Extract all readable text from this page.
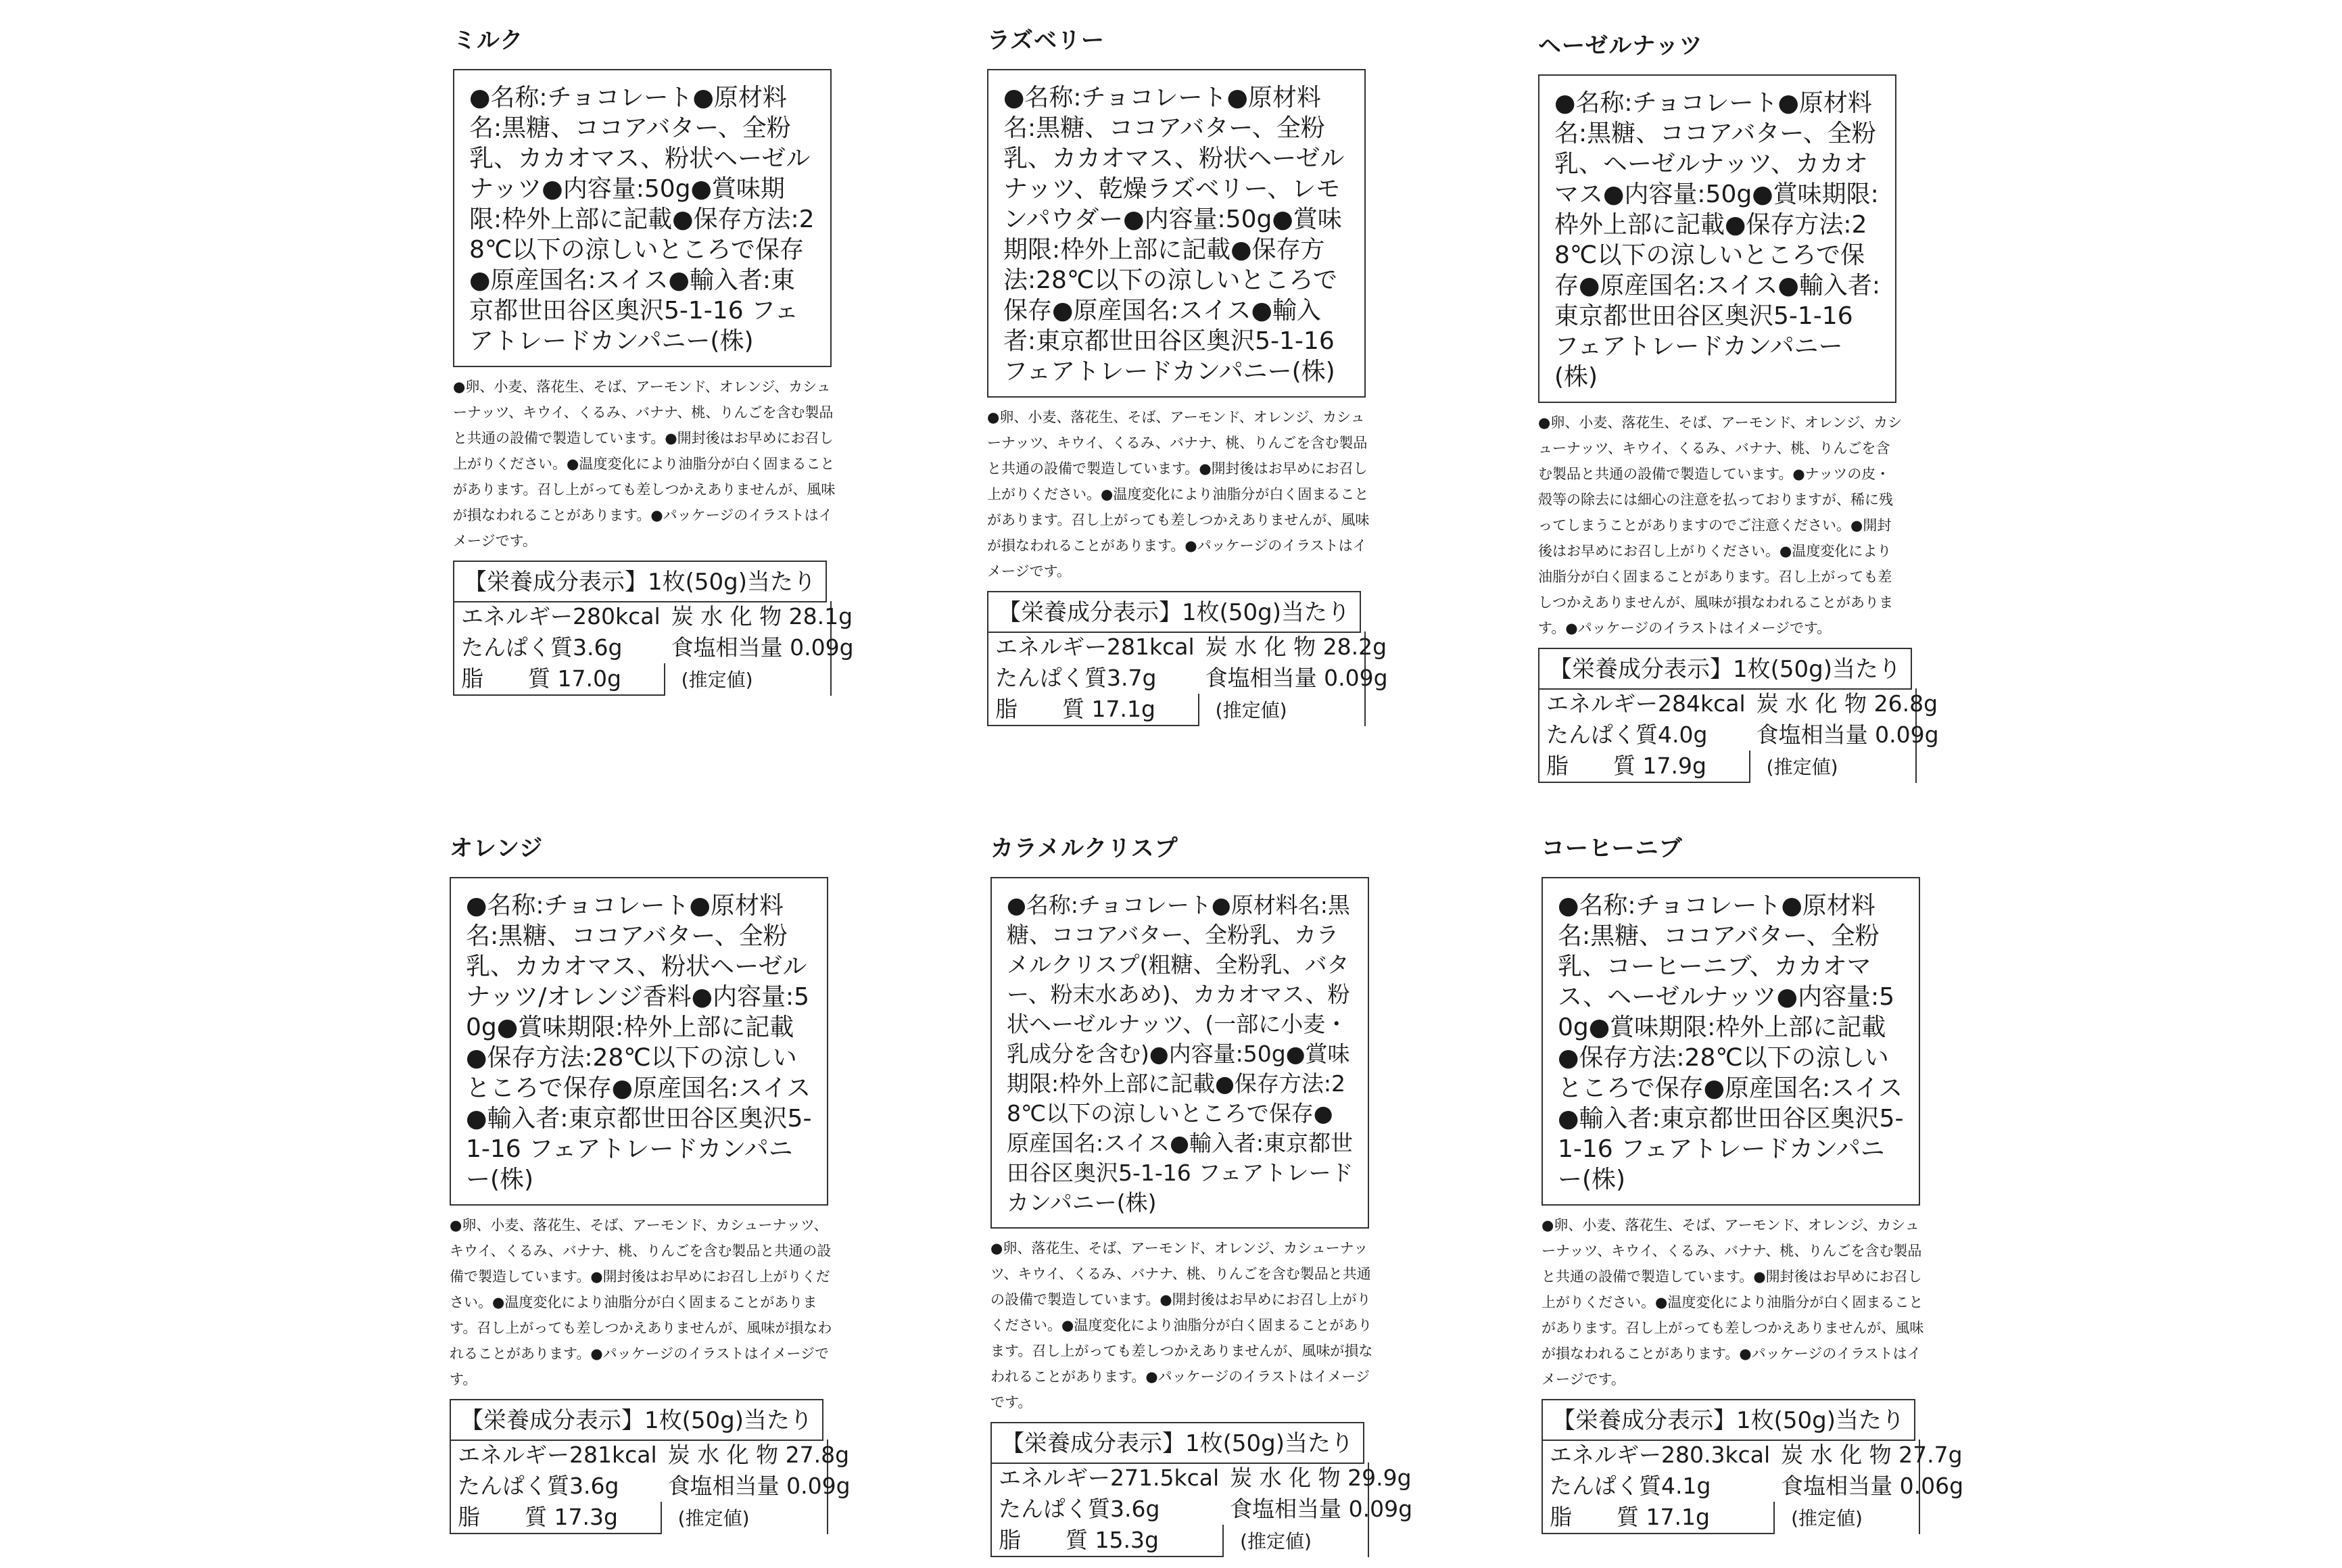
ミルク
●名称:チョコレート●原材料名:黒糖、ココアバター、全粉乳、カカオマス、粉状ヘーゼルナッツ●内容量:50g●賞味期限:枠外上部に記載●保存方法:28℃以下の涼しいところで保存●原産国名:スイス●輸入者:東京都世田谷区奥沢5-1-16 フェアトレードカンパニー(株)
●卵、小麦、落花生、そば、アーモンド、オレンジ、カシューナッツ、キウイ、くるみ、バナナ、桃、りんごを含む製品と共通の設備で製造しています。●開封後はお早めにお召し上がりください。●温度変化により油脂分が白く固まることがあります。召し上がっても差しつかえありませんが、風味が損なわれることがあります。●パッケージのイラストはイメージです。
【栄養成分表示】1枚(50g)当たり
エネルギー280kcal	炭 水 化 物 28.1g
たんぱく質3.6g	食塩相当量 0.09g
脂　　質 17.0g	(推定値)
ラズベリー
●名称:チョコレート●原材料名:黒糖、ココアバター、全粉乳、カカオマス、粉状ヘーゼルナッツ、乾燥ラズベリー、レモンパウダー●内容量:50g●賞味期限:枠外上部に記載●保存方法:28℃以下の涼しいところで保存●原産国名:スイス●輸入者:東京都世田谷区奥沢5-1-16 フェアトレードカンパニー(株)
●卵、小麦、落花生、そば、アーモンド、オレンジ、カシューナッツ、キウイ、くるみ、バナナ、桃、りんごを含む製品と共通の設備で製造しています。●開封後はお早めにお召し上がりください。●温度変化により油脂分が白く固まることがあります。召し上がっても差しつかえありませんが、風味が損なわれることがあります。●パッケージのイラストはイメージです。
【栄養成分表示】1枚(50g)当たり
エネルギー281kcal	炭 水 化 物 28.2g
たんぱく質3.7g	食塩相当量 0.09g
脂　　質 17.1g	(推定値)
ヘーゼルナッツ
●名称:チョコレート●原材料名:黒糖、ココアバター、全粉乳、ヘーゼルナッツ、カカオマス●内容量:50g●賞味期限:枠外上部に記載●保存方法:28℃以下の涼しいところで保存●原産国名:スイス●輸入者:東京都世田谷区奥沢5-1-16 フェアトレードカンパニー(株)
●卵、小麦、落花生、そば、アーモンド、オレンジ、カシューナッツ、キウイ、くるみ、バナナ、桃、りんごを含む製品と共通の設備で製造しています。●ナッツの皮・殻等の除去には細心の注意を払っておりますが、稀に残ってしまうことがありますのでご注意ください。●開封後はお早めにお召し上がりください。●温度変化により油脂分が白く固まることがあります。召し上がっても差しつかえありませんが、風味が損なわれることがあります。●パッケージのイラストはイメージです。
【栄養成分表示】1枚(50g)当たり
エネルギー284kcal	炭 水 化 物 26.8g
たんぱく質4.0g	食塩相当量 0.09g
脂　　質 17.9g	(推定値)
オレンジ
●名称:チョコレート●原材料名:黒糖、ココアバター、全粉乳、カカオマス、粉状ヘーゼルナッツ/オレンジ香料●内容量:50g●賞味期限:枠外上部に記載●保存方法:28℃以下の涼しいところで保存●原産国名:スイス●輸入者:東京都世田谷区奥沢5-1-16 フェアトレードカンパニー(株)
●卵、小麦、落花生、そば、アーモンド、カシューナッツ、キウイ、くるみ、バナナ、桃、りんごを含む製品と共通の設備で製造しています。●開封後はお早めにお召し上がりください。●温度変化により油脂分が白く固まることがあります。召し上がっても差しつかえありませんが、風味が損なわれることがあります。●パッケージのイラストはイメージです。
【栄養成分表示】1枚(50g)当たり
エネルギー281kcal	炭 水 化 物 27.8g
たんぱく質3.6g	食塩相当量 0.09g
脂　　質 17.3g	(推定値)
カラメルクリスプ
●名称:チョコレート●原材料名:黒糖、ココアバター、全粉乳、カラメルクリスプ(粗糖、全粉乳、バター、粉末水あめ)、カカオマス、粉状ヘーゼルナッツ、(一部に小麦・乳成分を含む)●内容量:50g●賞味期限:枠外上部に記載●保存方法:28℃以下の涼しいところで保存●原産国名:スイス●輸入者:東京都世田谷区奥沢5-1-16 フェアトレードカンパニー(株)
●卵、落花生、そば、アーモンド、オレンジ、カシューナッツ、キウイ、くるみ、バナナ、桃、りんごを含む製品と共通の設備で製造しています。●開封後はお早めにお召し上がりください。●温度変化により油脂分が白く固まることがあります。召し上がっても差しつかえありませんが、風味が損なわれることがあります。●パッケージのイラストはイメージです。
【栄養成分表示】1枚(50g)当たり
エネルギー271.5kcal	炭 水 化 物 29.9g
たんぱく質3.6g	食塩相当量 0.09g
脂　　質 15.3g	(推定値)
コーヒーニブ
●名称:チョコレート●原材料名:黒糖、ココアバター、全粉乳、コーヒーニブ、カカオマス、ヘーゼルナッツ●内容量:50g●賞味期限:枠外上部に記載●保存方法:28℃以下の涼しいところで保存●原産国名:スイス●輸入者:東京都世田谷区奥沢5-1-16 フェアトレードカンパニー(株)
●卵、小麦、落花生、そば、アーモンド、オレンジ、カシューナッツ、キウイ、くるみ、バナナ、桃、りんごを含む製品と共通の設備で製造しています。●開封後はお早めにお召し上がりください。●温度変化により油脂分が白く固まることがあります。召し上がっても差しつかえありませんが、風味が損なわれることがあります。●パッケージのイラストはイメージです。
【栄養成分表示】1枚(50g)当たり
エネルギー280.3kcal	炭 水 化 物 27.7g
たんぱく質4.1g	食塩相当量 0.06g
脂　　質 17.1g	(推定値)
